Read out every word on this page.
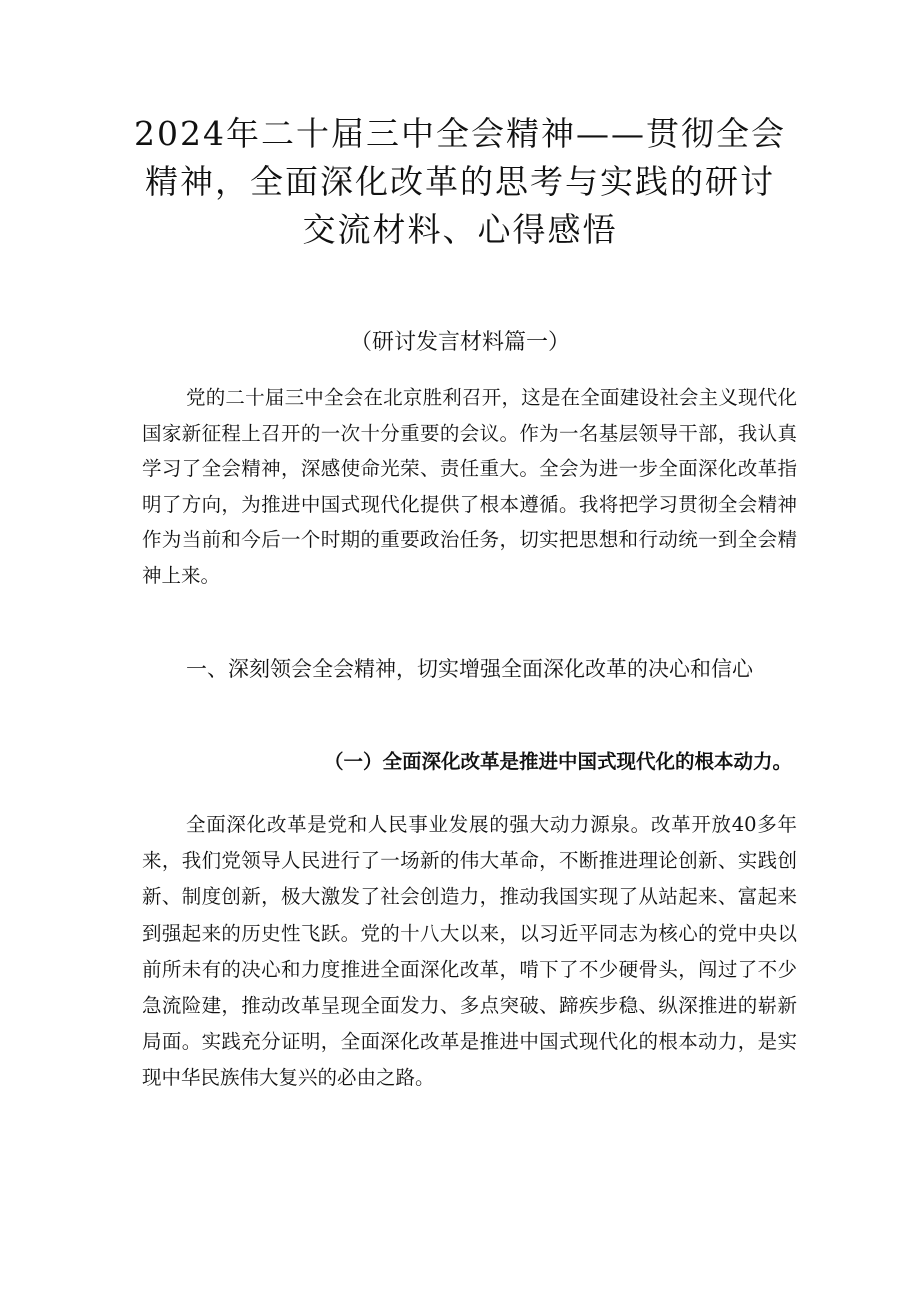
2024年二十届三中全会精神——贯彻全会
精神，全面深化改革的思考与实践的研讨
交流材料、心得感悟
（研讨发言材料篇一）

党的二十届三中全会在北京胜利召开，这是在全面建设社会主义现代化国家新征程上召开的一次十分重要的会议。作为一名基层领导干部，我认真学习了全会精神，深感使命光荣、责任重大。全会为进一步全面深化改革指明了方向，为推进中国式现代化提供了根本遵循。我将把学习贯彻全会精神作为当前和今后一个时期的重要政治任务，切实把思想和行动统一到全会精神上来。

一、深刻领会全会精神，切实增强全面深化改革的决心和信心
（一）全面深化改革是推进中国式现代化的根本动力。

全面深化改革是党和人民事业发展的强大动力源泉。改革开放40多年来，我们党领导人民进行了一场新的伟大革命，不断推进理论创新、实践创新、制度创新，极大激发了社会创造力，推动我国实现了从站起来、富起来到强起来的历史性飞跃。党的十八大以来，以习近平同志为核心的党中央以前所未有的决心和力度推进全面深化改革，啃下了不少硬骨头，闯过了不少急流险建，推动改革呈现全面发力、多点突破、蹄疾步稳、纵深推进的崭新局面。实践充分证明，全面深化改革是推进中国式现代化的根本动力，是实现中华民族伟大复兴的必由之路。
